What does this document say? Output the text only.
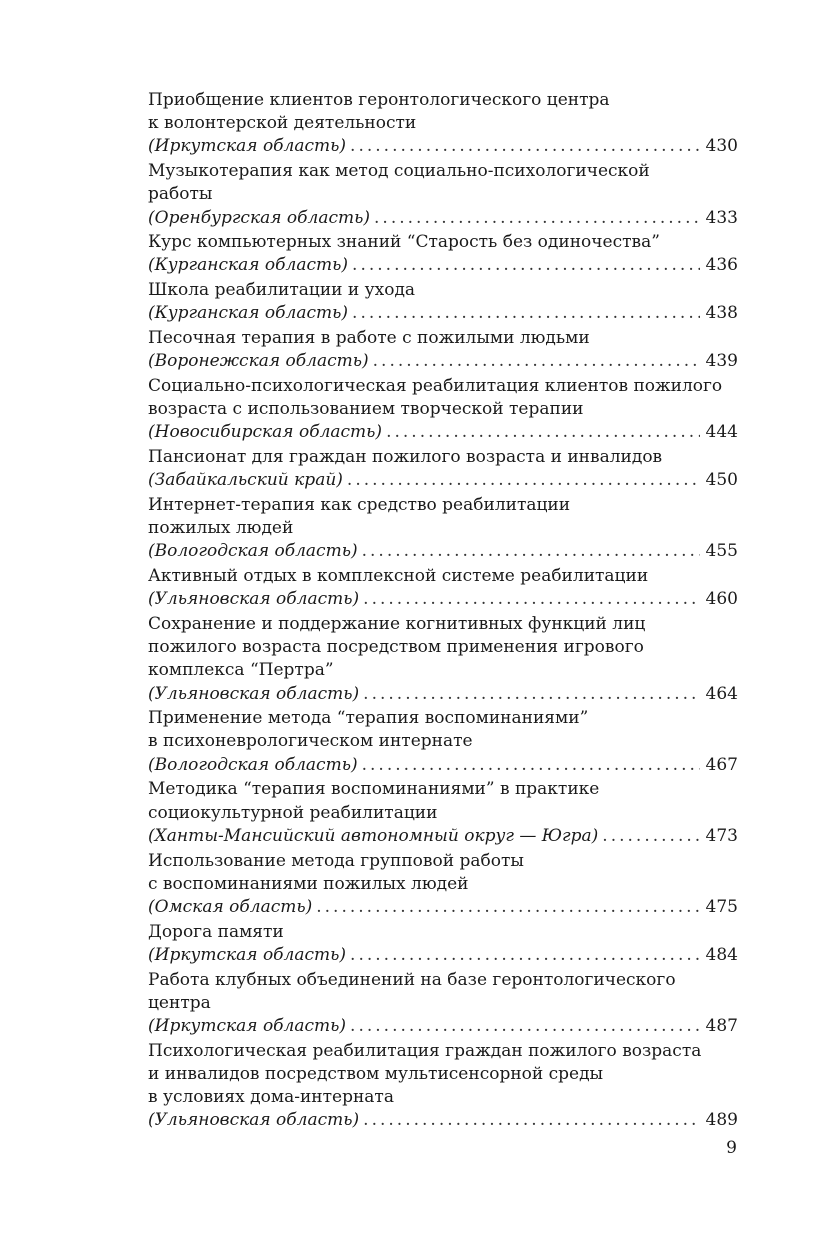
Приобщение клиентов геронтологического центра
к волонтерской деятельности
(Иркутская область) . . .	430
Музыкотерапия как метод социально-психологической
работы
(Оренбургская область) . . .	433
Курс компьютерных знаний “Старость без одиночества”
(Курганская область) . . .	436
Школа реабилитации и ухода
(Курганская область) . . .	438
Песочная терапия в работе с пожилыми людьми
(Воронежская область) . . .	439
Социально-психологическая реабилитация клиентов пожилого
возраста с использованием творческой терапии
(Новосибирская область) . . .	444
Пансионат для граждан пожилого возраста и инвалидов
(Забайкальский край) . . .	450
Интернет-терапия как средство реабилитации
пожилых людей
(Вологодская область) . . .	455
Активный отдых в комплексной системе реабилитации
(Ульяновская область) . . .	460
Сохранение и поддержание когнитивных функций лиц
пожилого возраста посредством применения игрового
комплекса “Пертра”
(Ульяновская область) . . .	464
Применение метода “терапия воспоминаниями”
в психоневрологическом интернате
(Вологодская область) . . .	467
Методика “терапия воспоминаниями” в практике
социокультурной реабилитации
(Ханты-Мансийский автономный округ — Югра) . . .	473
Использование метода групповой работы
с воспоминаниями пожилых людей
(Омская область) . . .	475
Дорога памяти
(Иркутская область) . . .	484
Работа клубных объединений на базе геронтологического
центра
(Иркутская область) . . .	487
Психологическая реабилитация граждан пожилого возраста
и инвалидов посредством мультисенсорной среды
в условиях дома-интерната
(Ульяновская область) . . .	489
9
